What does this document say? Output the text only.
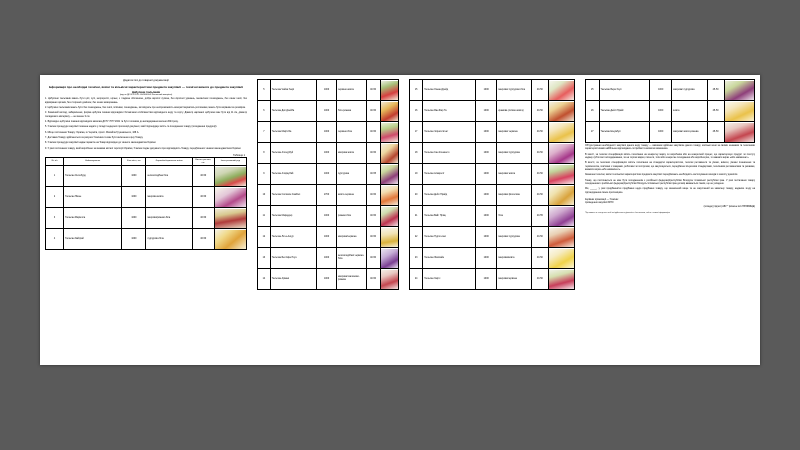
Додаток №1 до товарної документації
Інформація про необхідні технічні, якісні та кількісні характеристики предмета закупівлі — технічні вимоги до предмета закупівлі
Цибулини тюльпанів
(код за ДК 021:2015 -03410000-8 Рослинний матеріал)
1. Цибулини тюльпанів мають бути цілі, сухі, непророслі, щільні, з гладкою оболонкою, добре вкритої лускою, без скритної уражень, механічних пошкоджень, без ознак гнилі, без відмирання органів, без сторонніх домішок, без ознак захворювань.
2. Цибулини тюльпанів мають бути без пошкоджень, без гнилі, плісняви, пошкоджень, які свідчать про неспроможність використовуватись рослинами, мають бути вирівняні за розміром.
3. Зовнішній вигляд, забарвлення, форма цибулин повинні відповідати ботанічним особливостям відповідного виду та сорту. Діаметр нарізаної цибулини має бути від 11 см, діаметр посадкового матеріалу — не менше 3 см.
4. Відповідно цибулини повинні відповідати вимогам ДСТУ 7077:2021 та бути готовими до висаджування восени 2024 року.
5. Учасник процедури закупівлі повинен надати у складі тендерної пропозиції документ, який підтверджує якість та походження товару (походження продукції).
6. Місце постачання Товару: Україна, м. Чернігів, просп. Михайла Грушевського, 168 А.
7. Доставка Товару здійснюється за рахунок Учасника та має бути включена в ціну Товару.
8. Учасник процедури закупівлі надає гарантію на Товар відповідно до чинного законодавства України.
9. У разі постачання товару, який вироблено за межами митної території України, Учасник подає документи про відповідність Товару, передбачених чинним законодавством України.
Таблиця 1
№ з/п	Найменування	Кіль-кість, шт.	Форма/забарвлення квітки	Висота рослин, см.	Ілюстративний ряд
1	Тюльпан Сінтебурд	1000	келихоподібна біла	40-50	

2	Тюльпан Ніжне	1000	махрова жовта	40-50	

3	Тюльпан Марієлла	1000	махрова/рожево-біла	40-50	

4	Тюльпан Зайграй	1000	пурпурово-біла	40-50	
5	Тюльпан Чайка Генрі	1000	червоно-жовта	40-50	

6	Тюльпан Дип Дзейба	1000	біло-рожева	40-50	

7	Тюльпан Мар'я Ба	1000	червоно-біла	40-50	

8	Тюльпан Аплеурбуй	1000	махрова жовта	40-50	

9	Тюльпан Аляраубай	1000	пурпурова	40-55	

10	Тюльпан Соломон Самбел	2700	жовто-червона	40-50	

11	Тюльпан Мараудер	1000	рожево-біла	40-50	

12	Тюльпан Ліс-а-Ангур	1000	махрова/червона	40-50	

13	Тюльпан Бел Ефе Роуз	1000	келихоподібна/ червоно-біла	40-50	

14	Тюльпан Армані	1000	махрова/ малиново-рожева	40-50	
15	Тюльпан Океан Дрейд	1000	махрова/ пурпурово-біла	40-50	

16	Тюльпан Фан Фар Та	1000	крамова (лілово-жовта)	40-50	

17	Тюльпан Чорнич Е'ент	1000	махрова/ червона	40-50	

18	Тюльпан Сан Клементо	1000	махрова/ пурпурова	40-50	

19	Тюльпан Алаврегіт	1000	махрова/ жовта	40-50	

20	Тюльпан Дейл Прайд	1000	махрова/ фіолетова	40-50	

21	Тюльпан Вайт Прінц	1000	біла	40-55	

22	Тюльпан Пурпл-сані	1000	махрова/ пурпурова	40-50	

23	Тюльпан Лімосайн	1000	махрова/жовта	40-50	

24	Тюльпан Хартс	1000	махрова/червона	40-50	
25	Тюльпан Вера Хоуп	1000	махрова/ пурпурова	45-50	

26	Тюльпан Дейлі Прайс	1000	жовта	45-50	

27	Тюльпан Есеумбул	1000	махрова/ жовто-рожева	45-50	
Обґрунтування необхідності закупівлі даного виду товару — замовник здійснює закупівлю даного товару, оскільки вони за своїми ознаками та технічними характеристиками найбільше відповідають потребам та вимогам замовника.
В якості, за технічні специфікація місять посилання на конкретну марку чи виробника або на конкретний процес, що характеризує продукт чи послугу надану суб'єктом господарювання, чи на торгові марки, патенти, типи або конкретне походження або виробництво, то вважати вираз «або еквівалент».
В якості, за технічних специфікаціях місять посилання на стандартні характеристики, технічні регламенти та умови, вимоги, умовні позначення та термінологію, пов'язані з товарами, роботами чи послугами, що закуповуються, передбачені існуючими стандартами, технічними регламентами та умовами, вважати вираз «або еквівалент».
Зазначені технічні, якісні та кількісні характеристики предмета закупівлі передбачають необхідність застосування заходів із захисту довкілля.
Товар, що постачається не має бути походженням з російської федерації/республіки Білорусь/ ісламської республіки іран. У разі постачання товару походженням з російської федерації/республіки Білорусь/ ісламської республіки іран договір вважається таким, що не укладено.
Ми, _____, у разі придбання/чи придбання щодо придбання товару, що зазначений вище та не закуплений на заявлену товару, надаємо згоду на підтвердження своєю пропозицією.
Керівник організації — Учасник
проведення закупівлі МПО
(посада) (підпис) АБУ * (власне ім'я ПРІЗВИЩЕ)
*Ця вимога не стосується осіб які здійснюють діяльність без печатки, себто з такою інформацією
